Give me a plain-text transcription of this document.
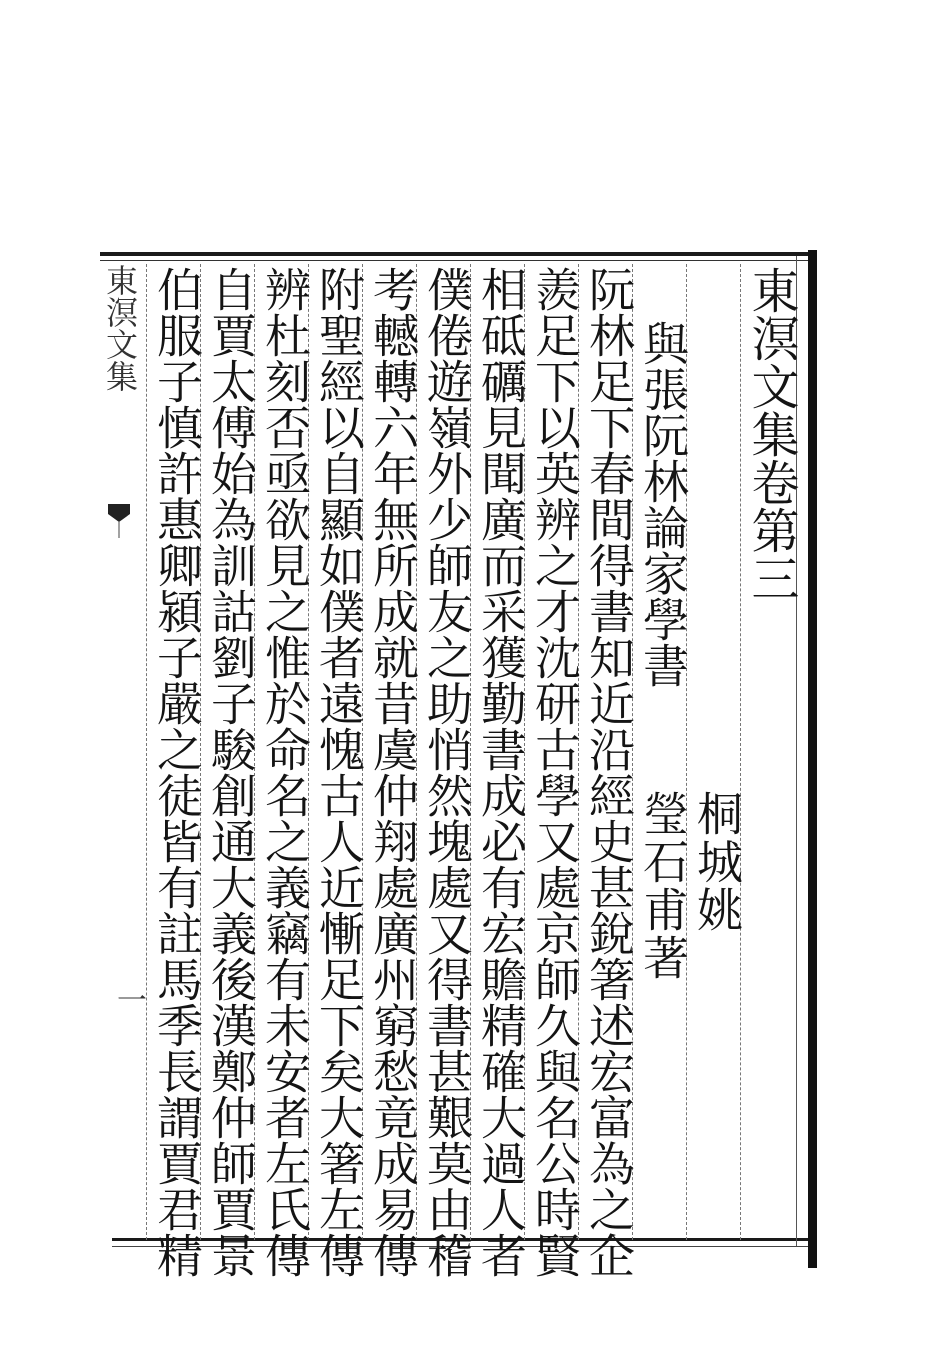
東溟文集卷第三
桐城姚
瑩石甫著
與張阮林論家學書
阮林足下春間得書知近沿經史甚銳箸述宏富為之企
羨足下以英辨之才沈研古學又處京師久與名公時賢
相砥礪見聞廣而采獲勤書成必有宏贍精確大過人者
僕倦遊嶺外少師友之助悄然塊處又得書甚艱莫由稽
考轗轉六年無所成就昔虞仲翔處廣州窮愁竟成易傳
附聖經以自顯如僕者遠愧古人近慚足下矣大箸左傳
辨杜刻否亟欲見之惟於命名之義竊有未安者左氏傳
自賈太傅始為訓詁劉子駿創通大義後漢鄭仲師賈景
伯服子慎許惠卿潁子嚴之徒皆有註馬季長謂賈君精
東溟文集
一
